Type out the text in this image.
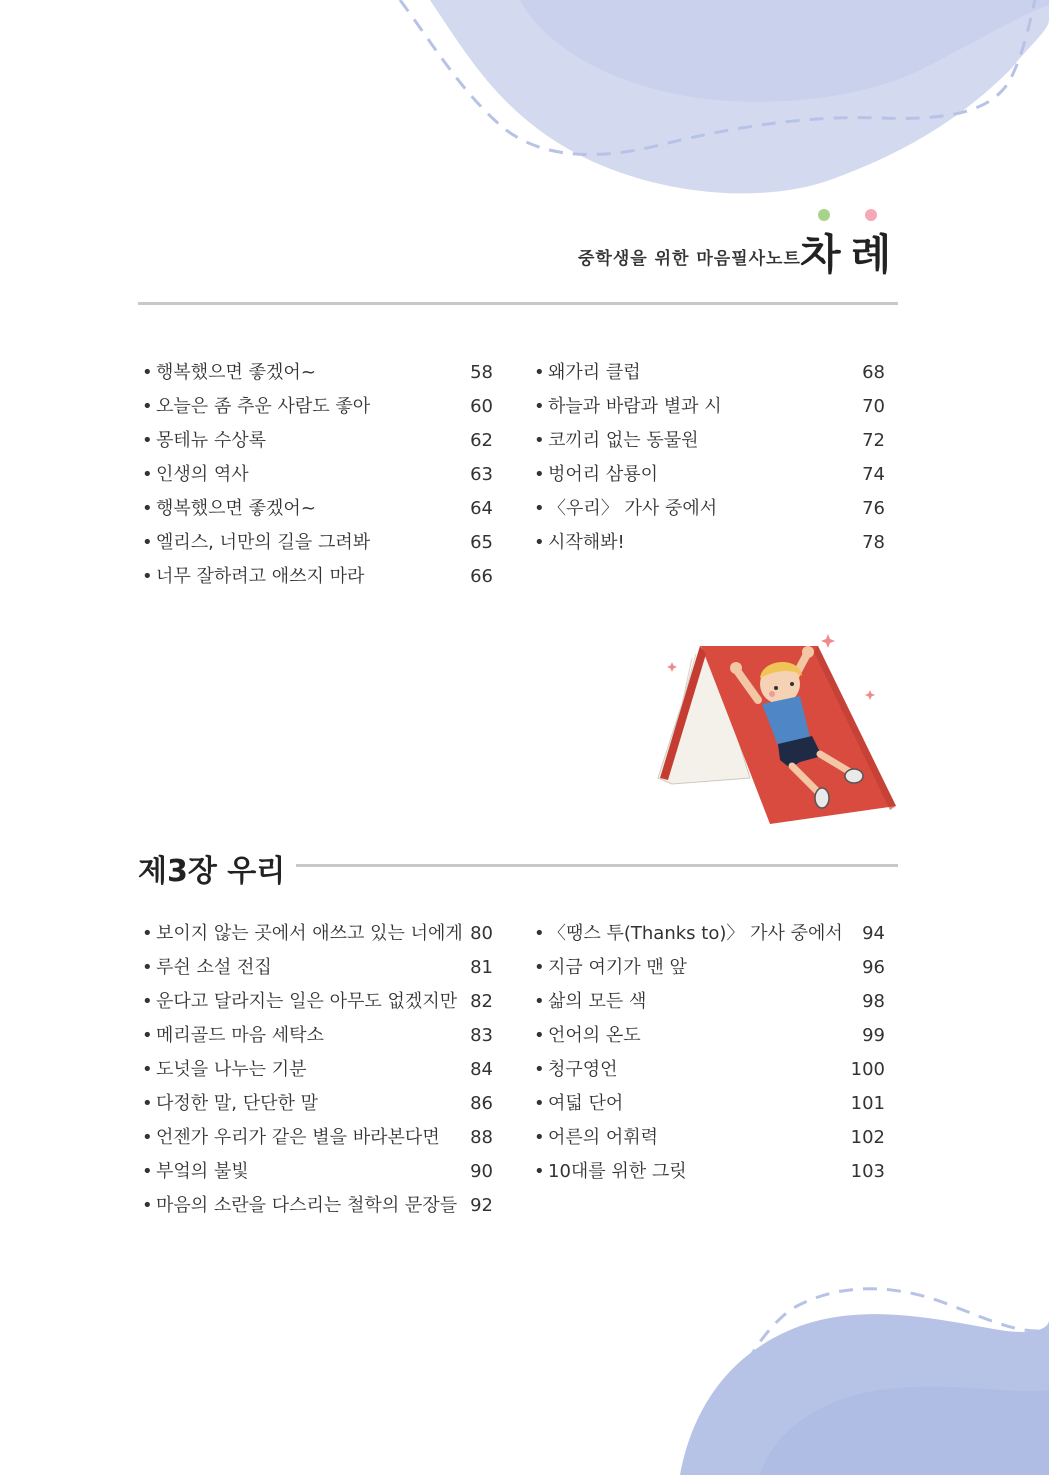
중학생을 위한 마음필사노트 차례
• 행복했으면 좋겠어~	58
• 오늘은 좀 추운 사람도 좋아	60
• 몽테뉴 수상록	62
• 인생의 역사	63
• 행복했으면 좋겠어~	64
• 엘리스, 너만의 길을 그려봐	65
• 너무 잘하려고 애쓰지 마라	66
• 왜가리 클럽	68
• 하늘과 바람과 별과 시	70
• 코끼리 없는 동물원	72
• 벙어리 삼룡이	74
• 〈우리〉 가사 중에서	76
• 시작해봐!	78
제3장 우리
• 보이지 않는 곳에서 애쓰고 있는 너에게 80
• 루쉰 소설 전집	81
• 운다고 달라지는 일은 아무도 없겠지만 82
• 메리골드 마음 세탁소	83
• 도넛을 나누는 기분	84
• 다정한 말, 단단한 말	86
• 언젠가 우리가 같은 별을 바라본다면 88
• 부엌의 불빛	90
• 마음의 소란을 다스리는 철학의 문장들 92
• 〈땡스 투(Thanks to)〉 가사 중에서 94
• 지금 여기가 맨 앞	96
• 삶의 모든 색	98
• 언어의 온도	99
• 청구영언	100
• 여덟 단어	101
• 어른의 어휘력	102
• 10대를 위한 그릿	103
